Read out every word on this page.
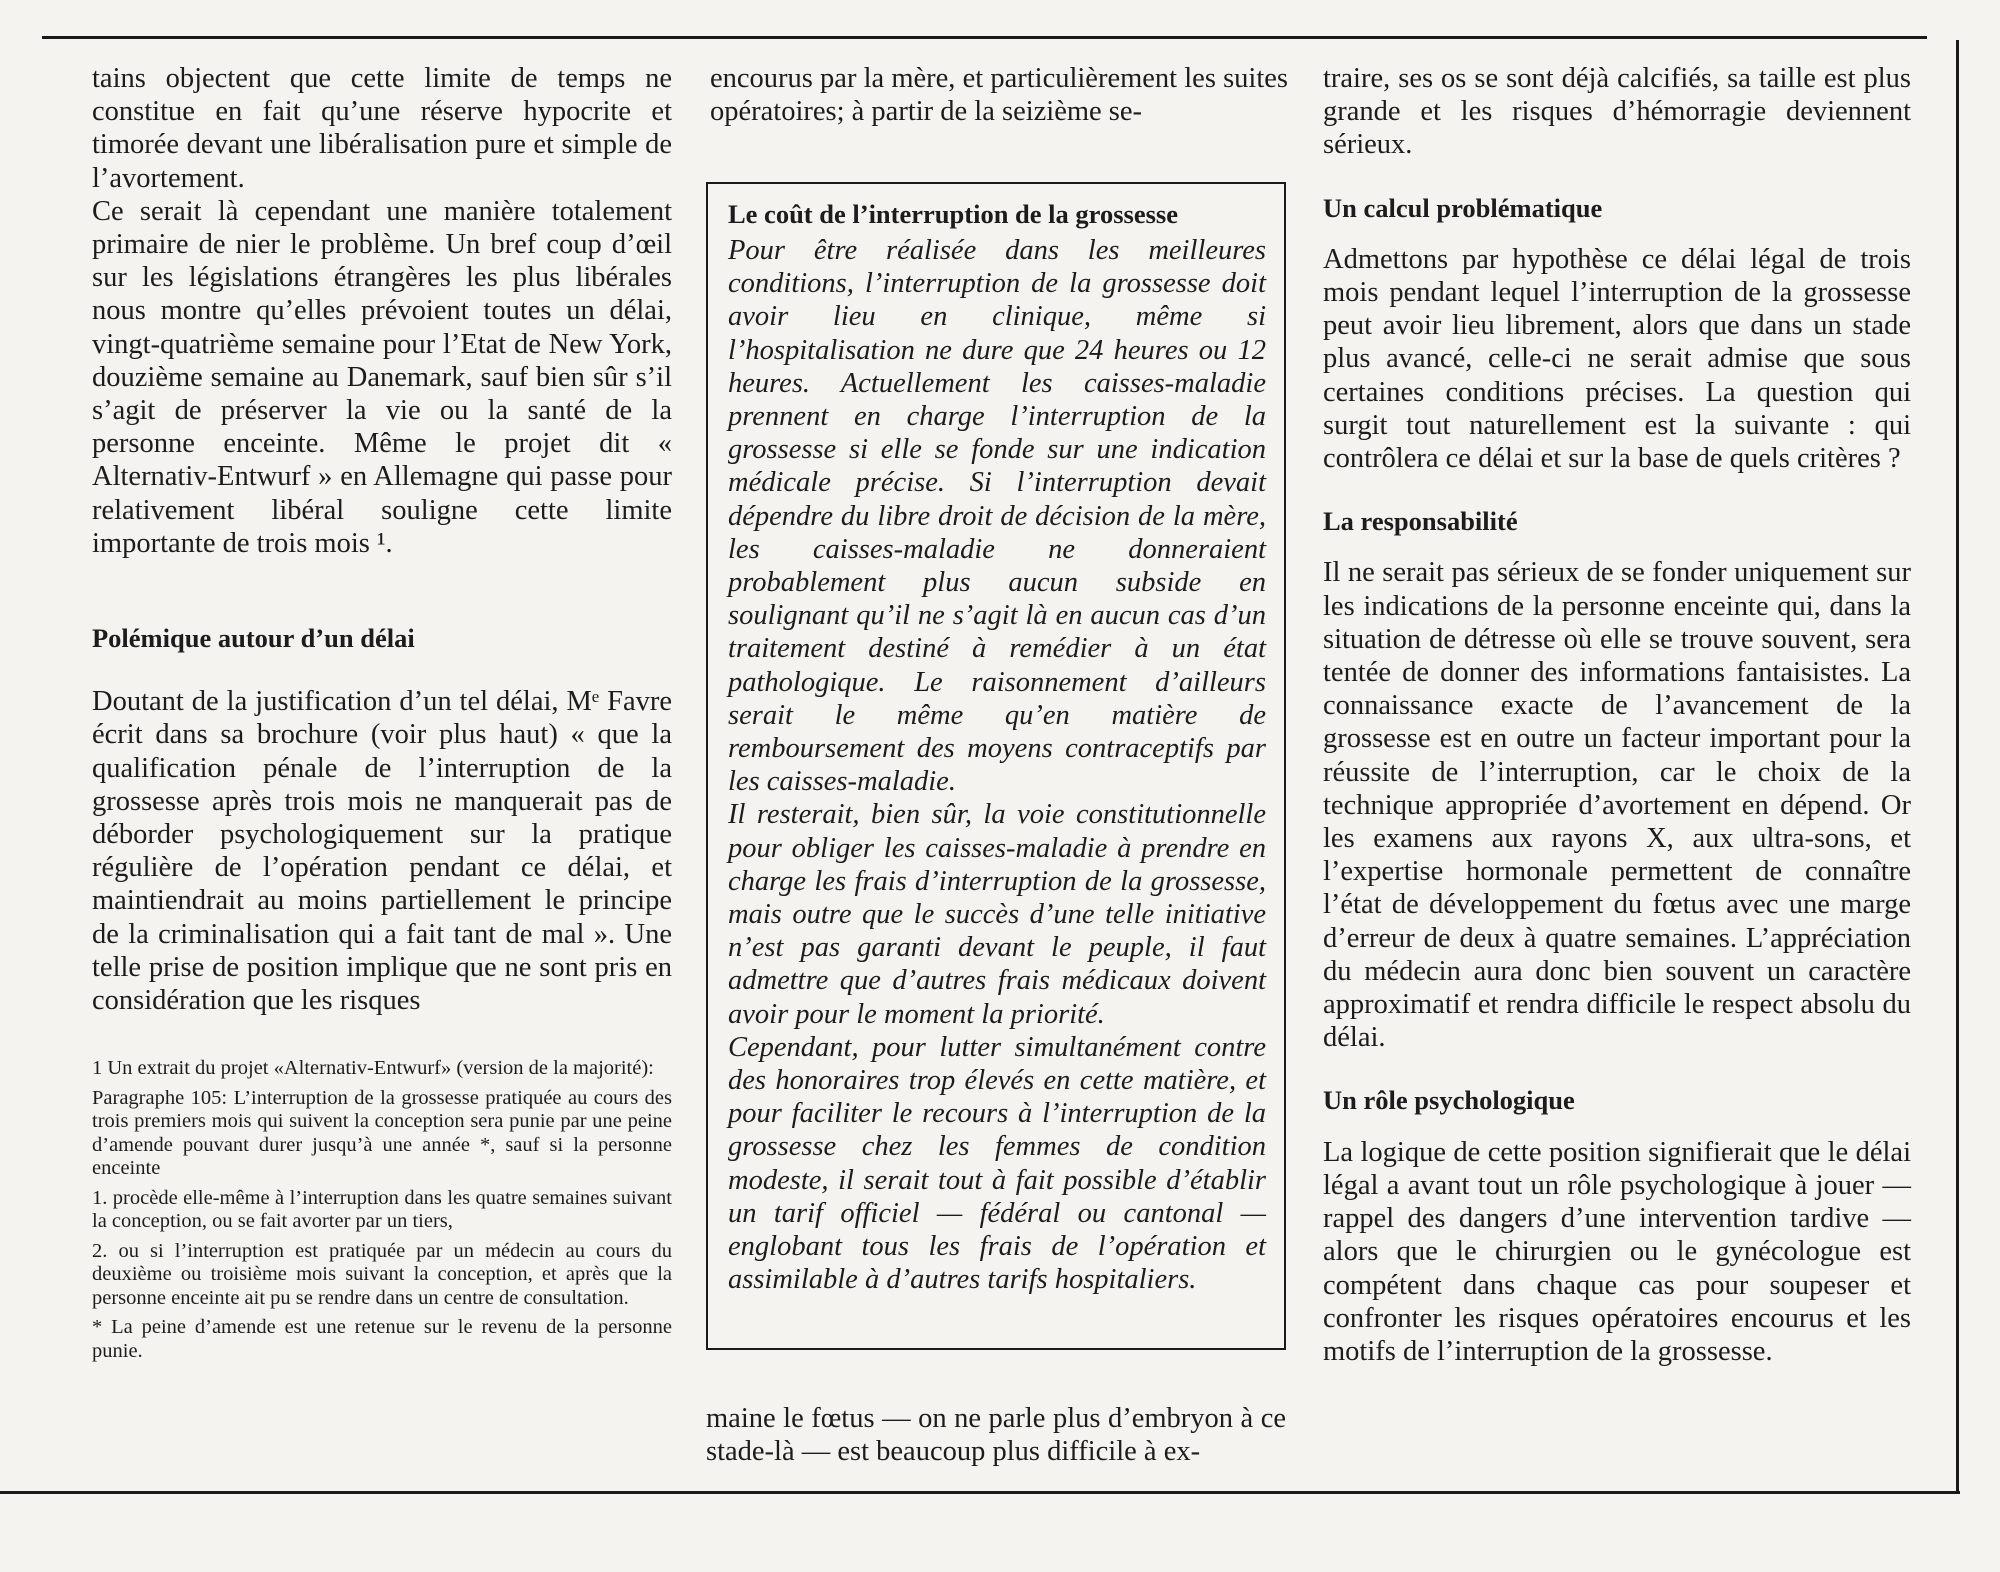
tains objectent que cette limite de temps ne constitue en fait qu’une réserve hypocrite et timorée devant une libéralisation pure et simple de l’avortement.

Ce serait là cependant une manière totalement primaire de nier le problème. Un bref coup d’œil sur les législations étrangères les plus libérales nous montre qu’elles prévoient toutes un délai, vingt-quatrième semaine pour l’Etat de New York, douzième semaine au Danemark, sauf bien sûr s’il s’agit de préserver la vie ou la santé de la personne enceinte. Même le projet dit « Alternativ-Entwurf » en Allemagne qui passe pour relativement libéral souligne cette limite importante de trois mois ¹.

Polémique autour d’un délai

Doutant de la justification d’un tel délai, Mᵉ Favre écrit dans sa brochure (voir plus haut) « que la qualification pénale de l’interruption de la grossesse après trois mois ne manquerait pas de déborder psychologiquement sur la pratique régulière de l’opération pendant ce délai, et maintiendrait au moins partiellement le principe de la criminalisation qui a fait tant de mal ». Une telle prise de position implique que ne sont pris en considération que les risques

1 Un extrait du projet «Alternativ-Entwurf» (version de la majorité):

Paragraphe 105: L’interruption de la grossesse pratiquée au cours des trois premiers mois qui suivent la conception sera punie par une peine d’amende pouvant durer jusqu’à une année *, sauf si la personne enceinte

1. procède elle-même à l’interruption dans les quatre semaines suivant la conception, ou se fait avorter par un tiers,

2. ou si l’interruption est pratiquée par un médecin au cours du deuxième ou troisième mois suivant la conception, et après que la personne enceinte ait pu se rendre dans un centre de consultation.

* La peine d’amende est une retenue sur le revenu de la personne punie.

encourus par la mère, et particulièrement les suites opératoires; à partir de la seizième se-

Le coût de l’interruption de la grossesse

Pour être réalisée dans les meilleures conditions, l’interruption de la grossesse doit avoir lieu en clinique, même si l’hospitalisation ne dure que 24 heures ou 12 heures. Actuellement les caisses-maladie prennent en charge l’interruption de la grossesse si elle se fonde sur une indication médicale précise. Si l’interruption devait dépendre du libre droit de décision de la mère, les caisses-maladie ne donneraient probablement plus aucun subside en soulignant qu’il ne s’agit là en aucun cas d’un traitement destiné à remédier à un état pathologique. Le raisonnement d’ailleurs serait le même qu’en matière de remboursement des moyens contraceptifs par les caisses-maladie.

Il resterait, bien sûr, la voie constitutionnelle pour obliger les caisses-maladie à prendre en charge les frais d’interruption de la grossesse, mais outre que le succès d’une telle initiative n’est pas garanti devant le peuple, il faut admettre que d’autres frais médicaux doivent avoir pour le moment la priorité.

Cependant, pour lutter simultanément contre des honoraires trop élevés en cette matière, et pour faciliter le recours à l’interruption de la grossesse chez les femmes de condition modeste, il serait tout à fait possible d’établir un tarif officiel — fédéral ou cantonal — englobant tous les frais de l’opération et assimilable à d’autres tarifs hospitaliers.

maine le fœtus — on ne parle plus d’embryon à ce stade-là — est beaucoup plus difficile à ex-

traire, ses os se sont déjà calcifiés, sa taille est plus grande et les risques d’hémorragie deviennent sérieux.

Un calcul problématique

Admettons par hypothèse ce délai légal de trois mois pendant lequel l’interruption de la grossesse peut avoir lieu librement, alors que dans un stade plus avancé, celle-ci ne serait admise que sous certaines conditions précises. La question qui surgit tout naturellement est la suivante : qui contrôlera ce délai et sur la base de quels critères ?

La responsabilité

Il ne serait pas sérieux de se fonder uniquement sur les indications de la personne enceinte qui, dans la situation de détresse où elle se trouve souvent, sera tentée de donner des informations fantaisistes. La connaissance exacte de l’avancement de la grossesse est en outre un facteur important pour la réussite de l’interruption, car le choix de la technique appropriée d’avortement en dépend. Or les examens aux rayons X, aux ultra-sons, et l’expertise hormonale permettent de connaître l’état de développement du fœtus avec une marge d’erreur de deux à quatre semaines. L’appréciation du médecin aura donc bien souvent un caractère approximatif et rendra difficile le respect absolu du délai.

Un rôle psychologique

La logique de cette position signifierait que le délai légal a avant tout un rôle psychologique à jouer — rappel des dangers d’une intervention tardive — alors que le chirurgien ou le gynécologue est compétent dans chaque cas pour soupeser et confronter les risques opératoires encourus et les motifs de l’interruption de la grossesse.
